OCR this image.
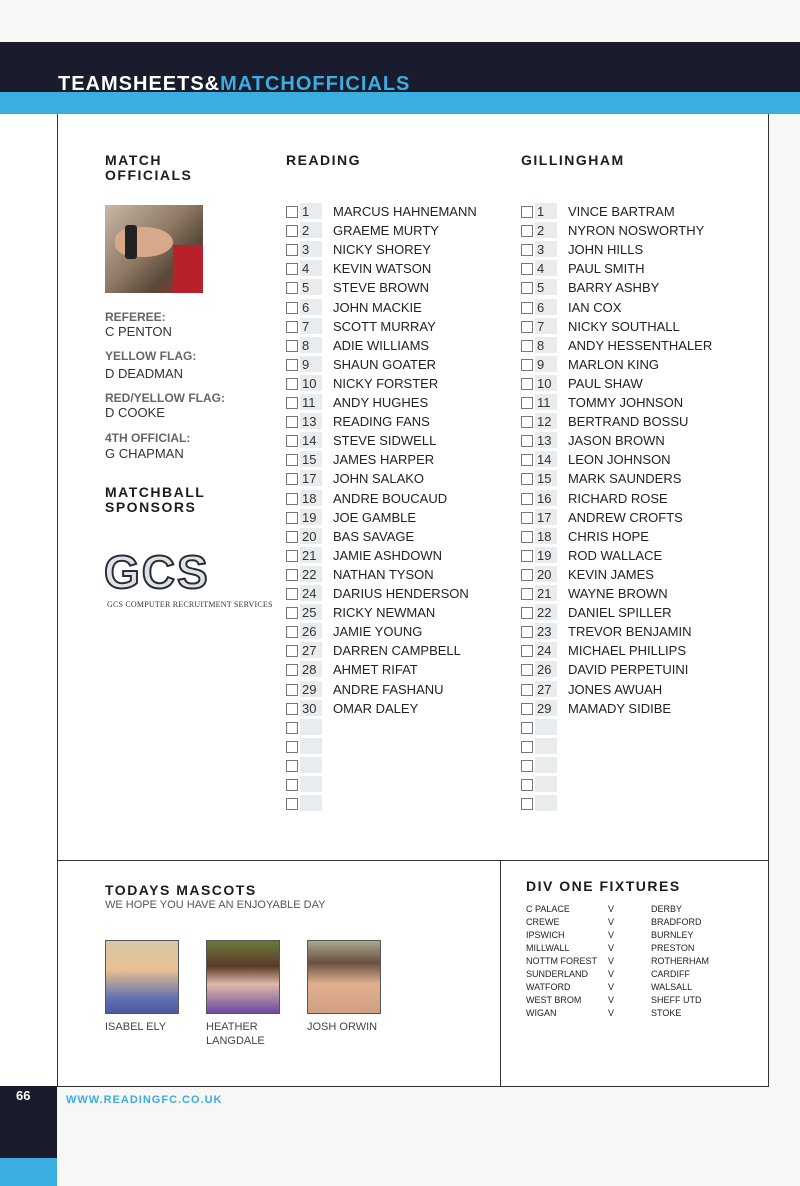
TEAMSHEETS&MATCHOFFICIALS
MATCH
OFFICIALS
REFEREE:
C PENTON
YELLOW FLAG:
D DEADMAN
RED/YELLOW FLAG:
D COOKE
4TH OFFICIAL:
G CHAPMAN
MATCHBALL
SPONSORS
GCS
GCS COMPUTER RECRUITMENT SERVICES
READING	GILLINGHAM
1 MARCUS HAHNEMANN
2 GRAEME MURTY
3 NICKY SHOREY
4 KEVIN WATSON
5 STEVE BROWN
6 JOHN MACKIE
7 SCOTT MURRAY
8 ADIE WILLIAMS
9 SHAUN GOATER
10 NICKY FORSTER
11 ANDY HUGHES
13 READING FANS
14 STEVE SIDWELL
15 JAMES HARPER
17 JOHN SALAKO
18 ANDRE BOUCAUD
19 JOE GAMBLE
20 BAS SAVAGE
21 JAMIE ASHDOWN
22 NATHAN TYSON
24 DARIUS HENDERSON
25 RICKY NEWMAN
26 JAMIE YOUNG
27 DARREN CAMPBELL
28 AHMET RIFAT
29 ANDRE FASHANU
30 OMAR DALEY
1 VINCE BARTRAM
2 NYRON NOSWORTHY
3 JOHN HILLS
4 PAUL SMITH
5 BARRY ASHBY
6 IAN COX
7 NICKY SOUTHALL
8 ANDY HESSENTHALER
9 MARLON KING
10 PAUL SHAW
11 TOMMY JOHNSON
12 BERTRAND BOSSU
13 JASON BROWN
14 LEON JOHNSON
15 MARK SAUNDERS
16 RICHARD ROSE
17 ANDREW CROFTS
18 CHRIS HOPE
19 ROD WALLACE
20 KEVIN JAMES
21 WAYNE BROWN
22 DANIEL SPILLER
23 TREVOR BENJAMIN
24 MICHAEL PHILLIPS
26 DAVID PERPETUINI
27 JONES AWUAH
29 MAMADY SIDIBE
TODAYS MASCOTS
WE HOPE YOU HAVE AN ENJOYABLE DAY
ISABEL ELY	HEATHER
LANGDALE
JOSH ORWIN
DIV ONE FIXTURES
C PALACE	V	DERBY
CREWE	V	BRADFORD
IPSWICH	V	BURNLEY
MILLWALL	V	PRESTON
NOTTM FOREST V	ROTHERHAM
SUNDERLAND V	CARDIFF
WATFORD	V	WALSALL
WEST BROM	V	SHEFF UTD
WIGAN	V	STOKE
66	WWW.READINGFC.CO.UK
